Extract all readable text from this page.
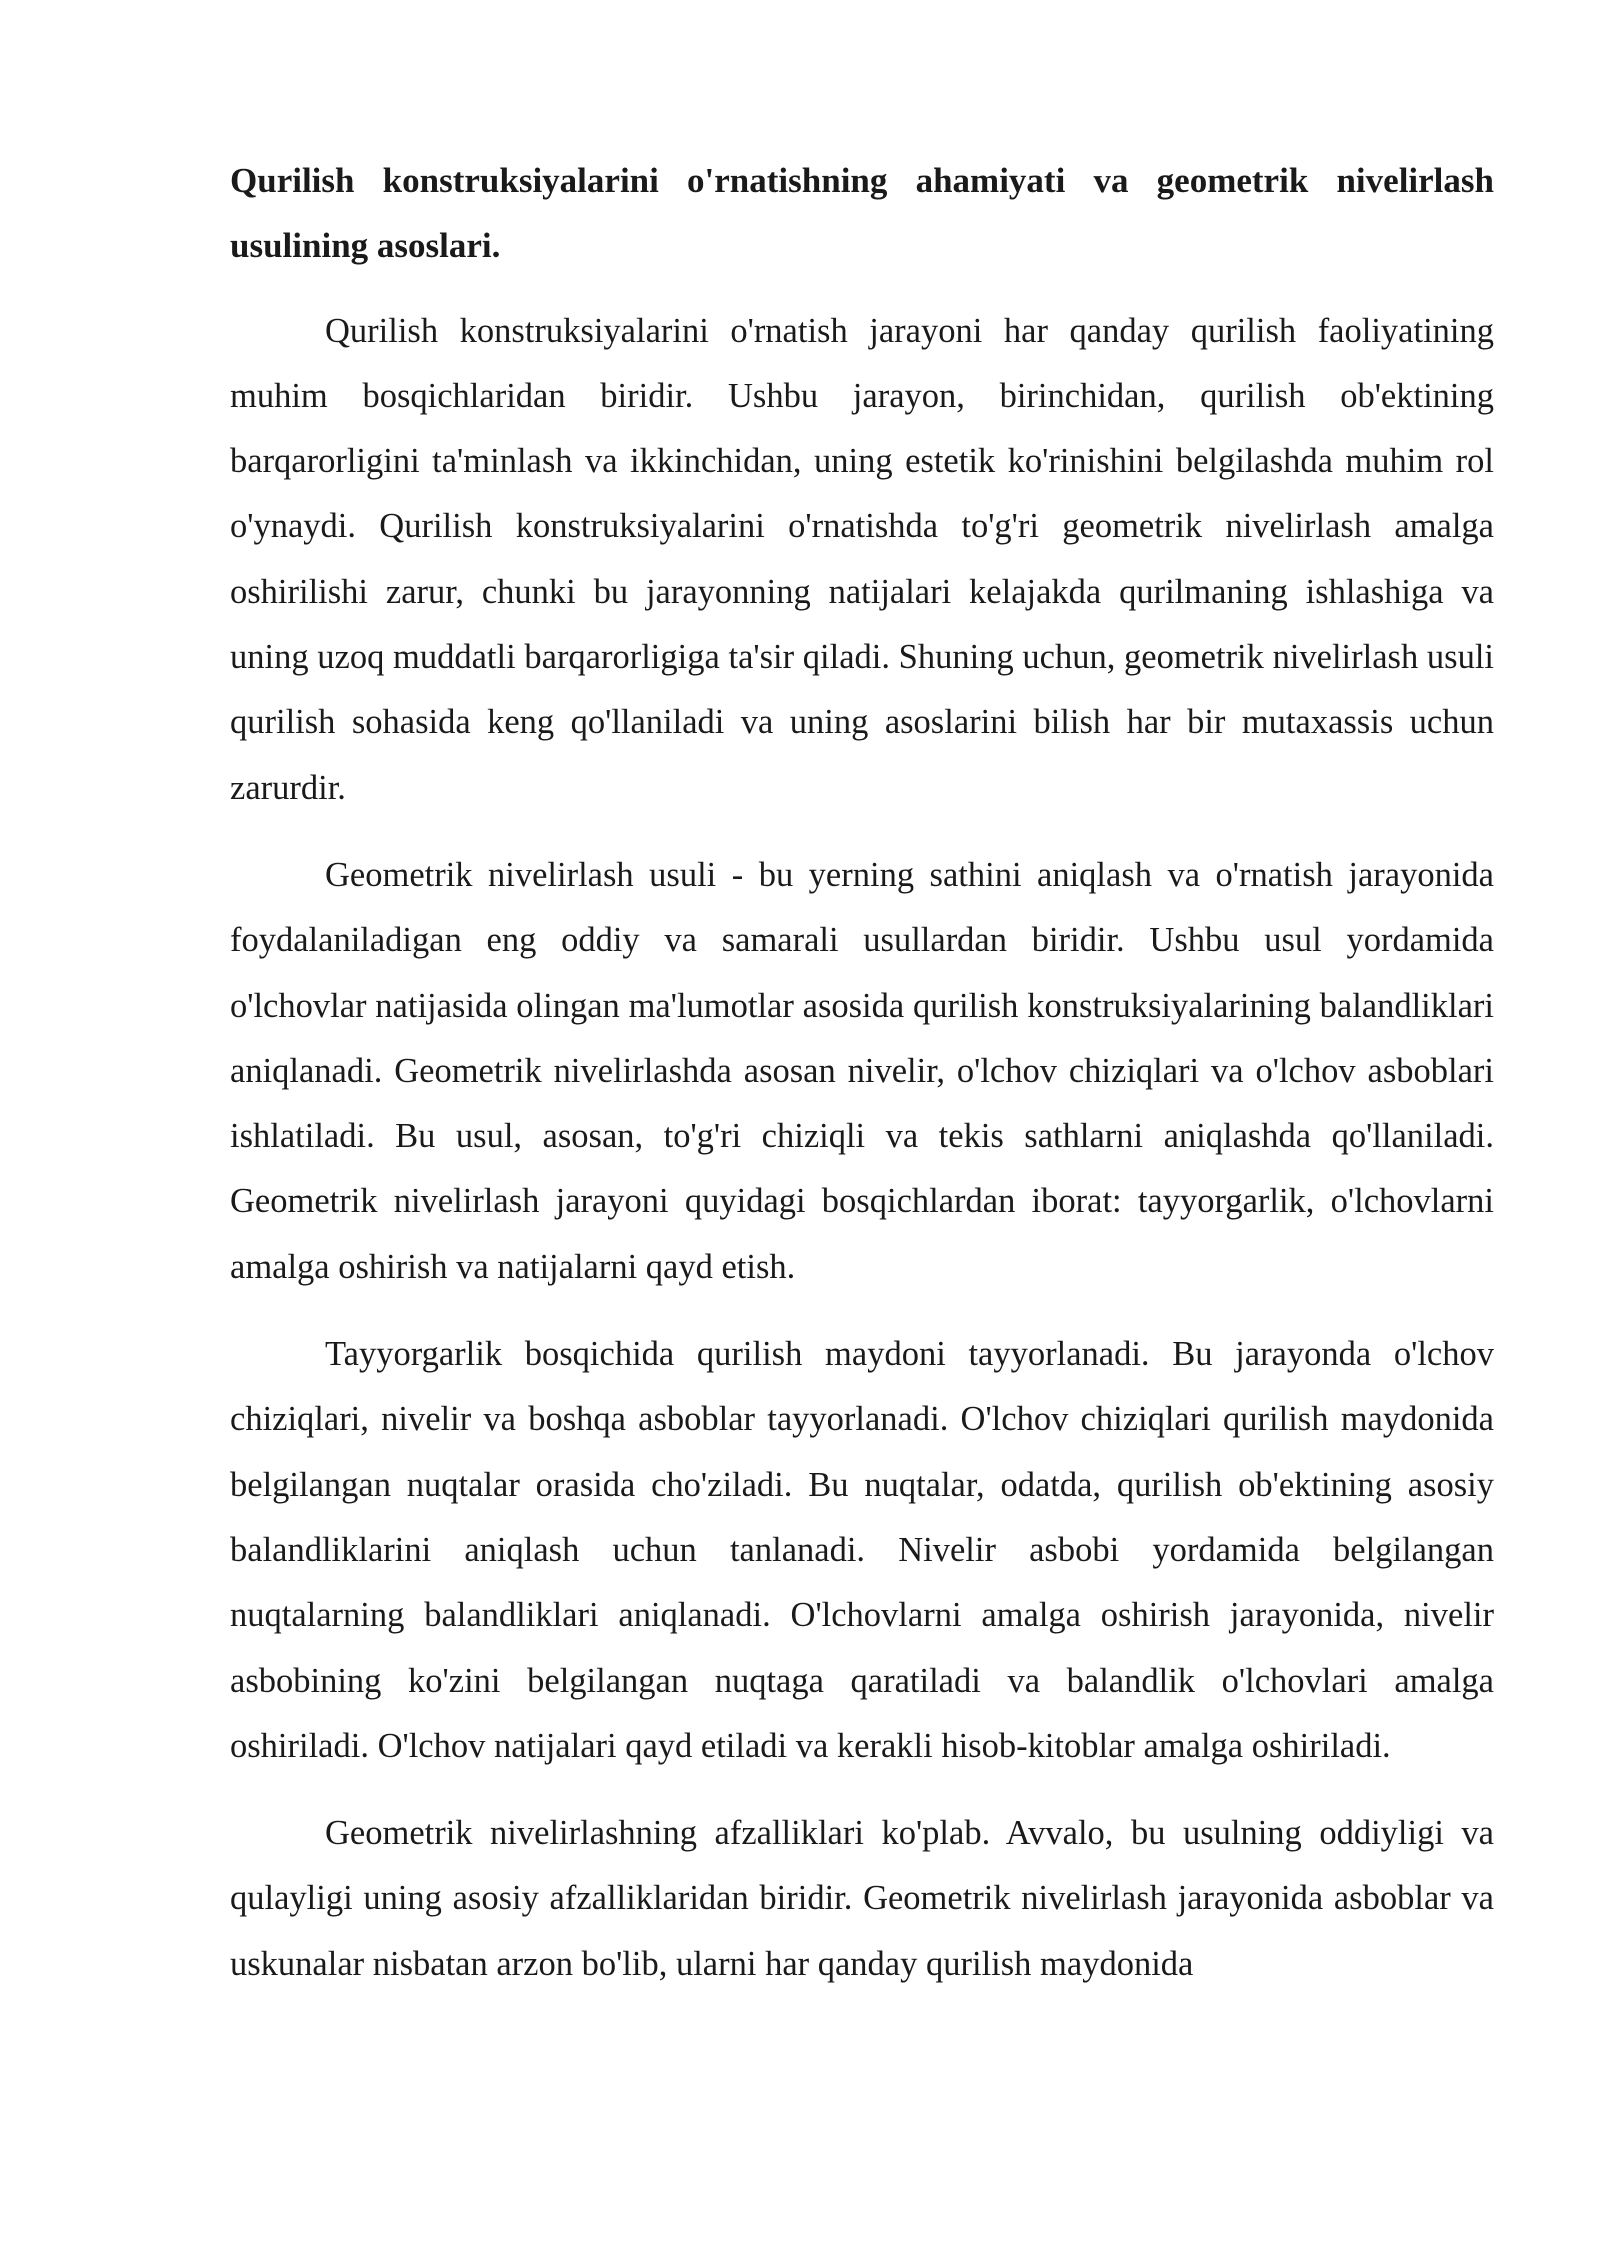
Qurilish konstruksiyalarini o'rnatishning ahamiyati va geometrik nivelirlash usulining asoslari.

Qurilish konstruksiyalarini o'rnatish jarayoni har qanday qurilish faoliyatining muhim bosqichlaridan biridir. Ushbu jarayon, birinchidan, qurilish ob'ektining barqarorligini ta'minlash va ikkinchidan, uning estetik ko'rinishini belgilashda muhim rol o'ynaydi. Qurilish konstruksiyalarini o'rnatishda to'g'ri geometrik nivelirlash amalga oshirilishi zarur, chunki bu jarayonning natijalari kelajakda qurilmaning ishlashiga va uning uzoq muddatli barqarorligiga ta'sir qiladi. Shuning uchun, geometrik nivelirlash usuli qurilish sohasida keng qo'llaniladi va uning asoslarini bilish har bir mutaxassis uchun zarurdir.

Geometrik nivelirlash usuli - bu yerning sathini aniqlash va o'rnatish jarayonida foydalaniladigan eng oddiy va samarali usullardan biridir. Ushbu usul yordamida o'lchovlar natijasida olingan ma'lumotlar asosida qurilish konstruksiyalarining balandliklari aniqlanadi. Geometrik nivelirlashda asosan nivelir, o'lchov chiziqlari va o'lchov asboblari ishlatiladi. Bu usul, asosan, to'g'ri chiziqli va tekis sathlarni aniqlashda qo'llaniladi. Geometrik nivelirlash jarayoni quyidagi bosqichlardan iborat: tayyorgarlik, o'lchovlarni amalga oshirish va natijalarni qayd etish.

Tayyorgarlik bosqichida qurilish maydoni tayyorlanadi. Bu jarayonda o'lchov chiziqlari, nivelir va boshqa asboblar tayyorlanadi. O'lchov chiziqlari qurilish maydonida belgilangan nuqtalar orasida cho'ziladi. Bu nuqtalar, odatda, qurilish ob'ektining asosiy balandliklarini aniqlash uchun tanlanadi. Nivelir asbobi yordamida belgilangan nuqtalarning balandliklari aniqlanadi. O'lchovlarni amalga oshirish jarayonida, nivelir asbobining ko'zini belgilangan nuqtaga qaratiladi va balandlik o'lchovlari amalga oshiriladi. O'lchov natijalari qayd etiladi va kerakli hisob-kitoblar amalga oshiriladi.

Geometrik nivelirlashning afzalliklari ko'plab. Avvalo, bu usulning oddiyligi va qulayligi uning asosiy afzalliklaridan biridir. Geometrik nivelirlash jarayonida asboblar va uskunalar nisbatan arzon bo'lib, ularni har qanday qurilish maydonida
